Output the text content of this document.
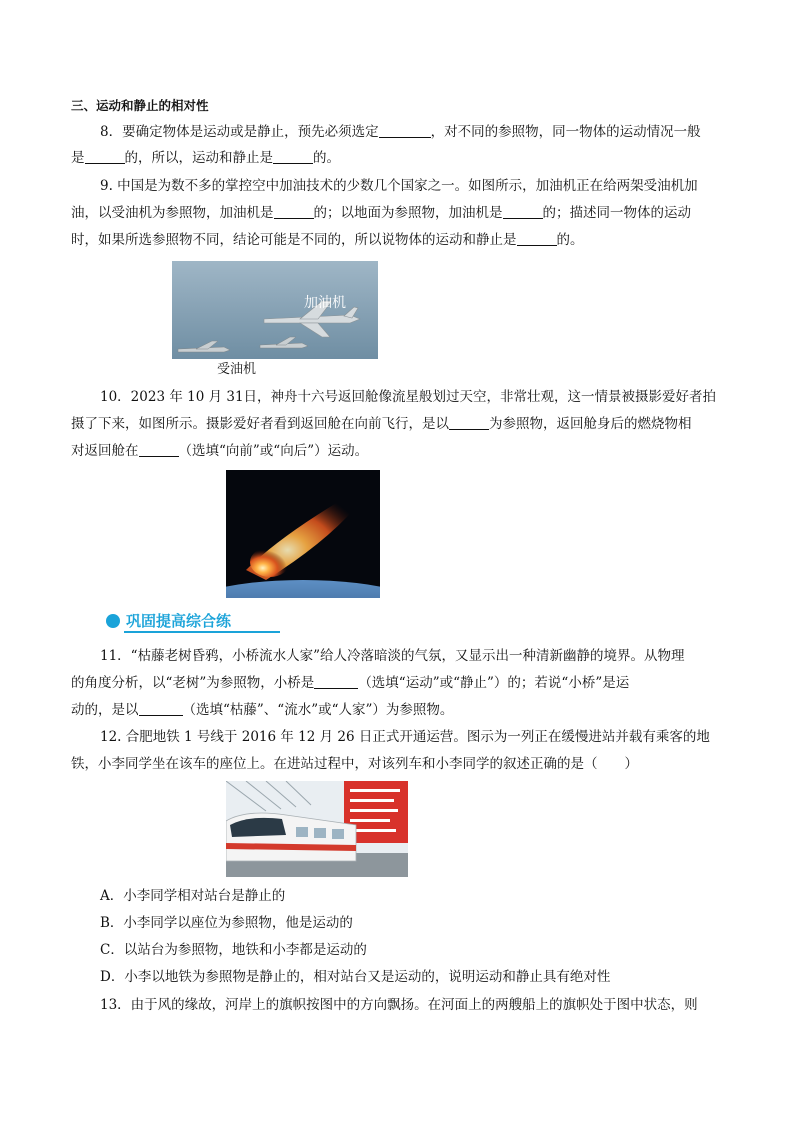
三、运动和静止的相对性

8．要确定物体是运动或是静止，预先必须选定	，对不同的参照物，同一物体的运动情况一般

是	的，所以，运动和静止是	的。

9. 中国是为数不多的掌控空中加油技术的少数几个国家之一。如图所示，加油机正在给两架受油机加

油，以受油机为参照物，加油机是	的；以地面为参照物，加油机是	的；描述同一物体的运动

时，如果所选参照物不同，结论可能是不同的，所以说物体的运动和静止是	的。

加油机

受油机

10．2023 年 10 月 31日，神舟十六号返回舱像流星般划过天空，非常壮观，这一情景被摄影爱好者拍

摄了下来，如图所示。摄影爱好者看到返回舱在向前飞行，是以	为参照物，返回舱身后的燃烧物相

对返回舱在	（选填“向前”或“向后”）运动。

巩固提高综合练

11．“枯藤老树昏鸦，小桥流水人家”给人冷落暗淡的气氛，又显示出一种清新幽静的境界。从物理

的角度分析，以“老树”为参照物，小桥是	（选填“运动”或“静止”）的；若说“小桥”是运

动的，是以	（选填“枯藤”、“流水”或“人家”）为参照物。

12. 合肥地铁 1 号线于 2016 年 12 月 26 日正式开通运营。图示为一列正在缓慢进站并载有乘客的地

铁，小李同学坐在该车的座位上。在进站过程中，对该列车和小李同学的叙述正确的是（　　）

A．小李同学相对站台是静止的

B．小李同学以座位为参照物，他是运动的

C．以站台为参照物，地铁和小李都是运动的

D．小李以地铁为参照物是静止的，相对站台又是运动的，说明运动和静止具有绝对性

13．由于风的缘故，河岸上的旗帜按图中的方向飘扬。在河面上的两艘船上的旗帜处于图中状态，则
